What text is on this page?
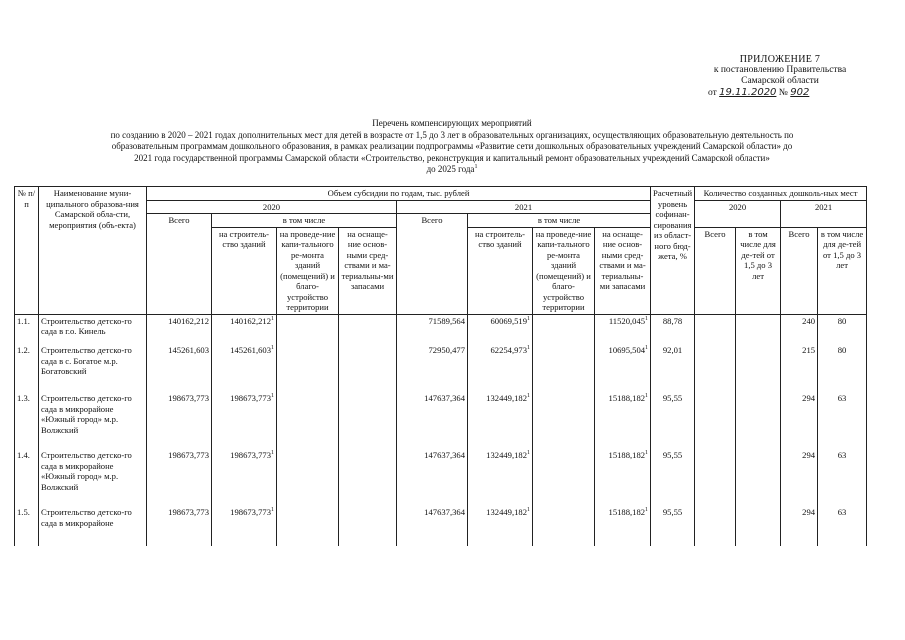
ПРИЛОЖЕНИЕ 7
к постановлению Правительства
Самарской области
от 19.11.2020 № 902
Перечень компенсирующих мероприятий
по созданию в 2020 – 2021 годах дополнительных мест для детей в возрасте от 1,5 до 3 лет в образовательных организациях, осуществляющих образовательную деятельность по
образовательным программам дошкольного образования, в рамках реализации подпрограммы «Развитие сети дошкольных образовательных учреждений Самарской области» до
2021 года государственной программы Самарской области «Строительство, реконструкция и капитальный ремонт образовательных учреждений Самарской области»
до 2025 года$^1$
№ п/п	Наименование муни-ципального образова-ния Самарской обла-сти, мероприятия (объ-екта)	Объем субсидии по годам, тыс. рублей								Расчетный уровень софинан-сирования из област-ного бюд-жета, %	Количество созданных дошколь-ных мест			
		2020				2021					2020		2021	
		Всего	в том числе			Всего	в том числе							
			на строитель-ство зданий	на проведе-ние капи-тального ре-монта зданий (помещений) и благо-устройство территории	на оснаще-ние основ-ными сред-ствами и ма-териальны-ми запасами		на строитель-ство зданий	на проведе-ние капи-тального ре-монта зданий (помещений) и благо-устройство территории	на оснаще-ние основ-ными сред-ствами и ма-териальны-ми запасами		Всего	в том числе для де-тей от 1,5 до 3 лет	Всего	в том числе для де-тей от 1,5 до 3 лет
1.1.	Строительство детско-го сада в г.о. Кинель	140162,212	140162,212$^1$			71589,564	60069,519$^1$		11520,045$^1$	88,78			240	80
1.2.	Строительство детско-го сада в с. Богатое м.р. Богатовский	145261,603	145261,603$^1$			72950,477	62254,973$^1$		10695,504$^1$	92,01			215	80
1.3.	Строительство детско-го сада в микрорайоне «Южный город» м.р. Волжский	198673,773	198673,773$^1$			147637,364	132449,182$^1$		15188,182$^1$	95,55			294	63
1.4.	Строительство детско-го сада в микрорайоне «Южный город» м.р. Волжский	198673,773	198673,773$^1$			147637,364	132449,182$^1$		15188,182$^1$	95,55			294	63
1.5.	Строительство детско-го сада в микрорайоне	198673,773	198673,773$^1$			147637,364	132449,182$^1$		15188,182$^1$	95,55			294	63
